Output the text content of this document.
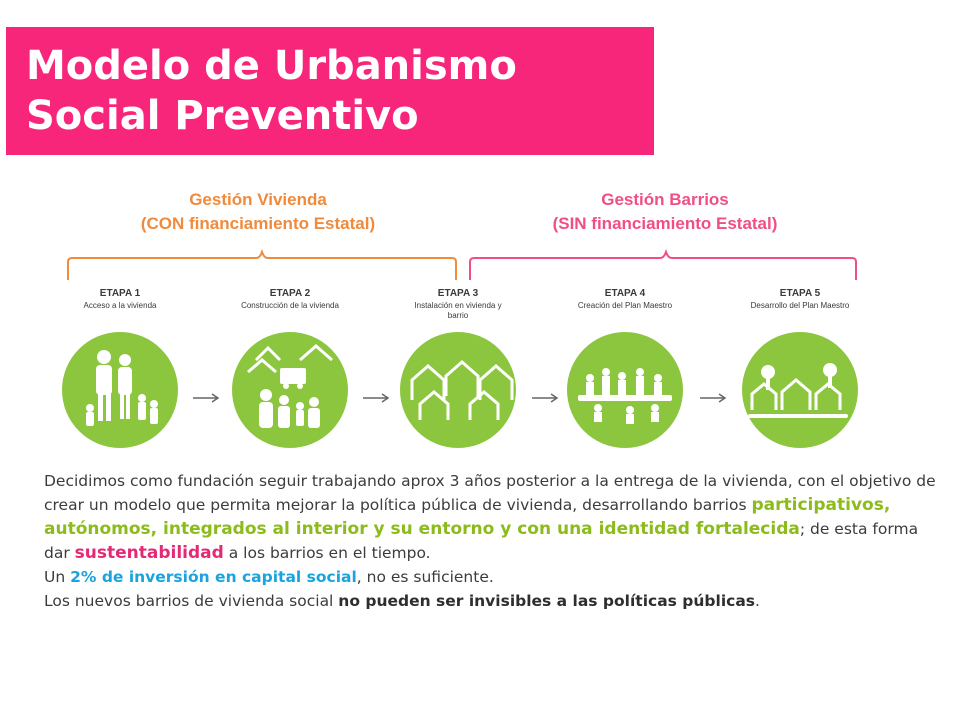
Modelo de Urbanismo
Social Preventivo
Gestión Vivienda
(CON financiamiento Estatal)
Gestión Barrios
(SIN financiamiento Estatal)
ETAPA 1
Acceso a la vivienda
ETAPA 2
Construcción de la vivienda
ETAPA 3
Instalación en vivienda y barrio
ETAPA 4
Creación del Plan Maestro
ETAPA 5
Desarrollo del Plan Maestro

Decidimos como fundación seguir trabajando aprox 3 años posterior a la entrega de la vivienda, con el objetivo de crear un modelo que permita mejorar la política pública de vivienda, desarrollando barrios participativos, autónomos, integrados al interior y su entorno y con una identidad fortalecida; de esta forma dar sustentabilidad a los barrios en el tiempo.

Un 2% de inversión en capital social, no es suficiente.

Los nuevos barrios de vivienda social no pueden ser invisibles a las políticas públicas.
